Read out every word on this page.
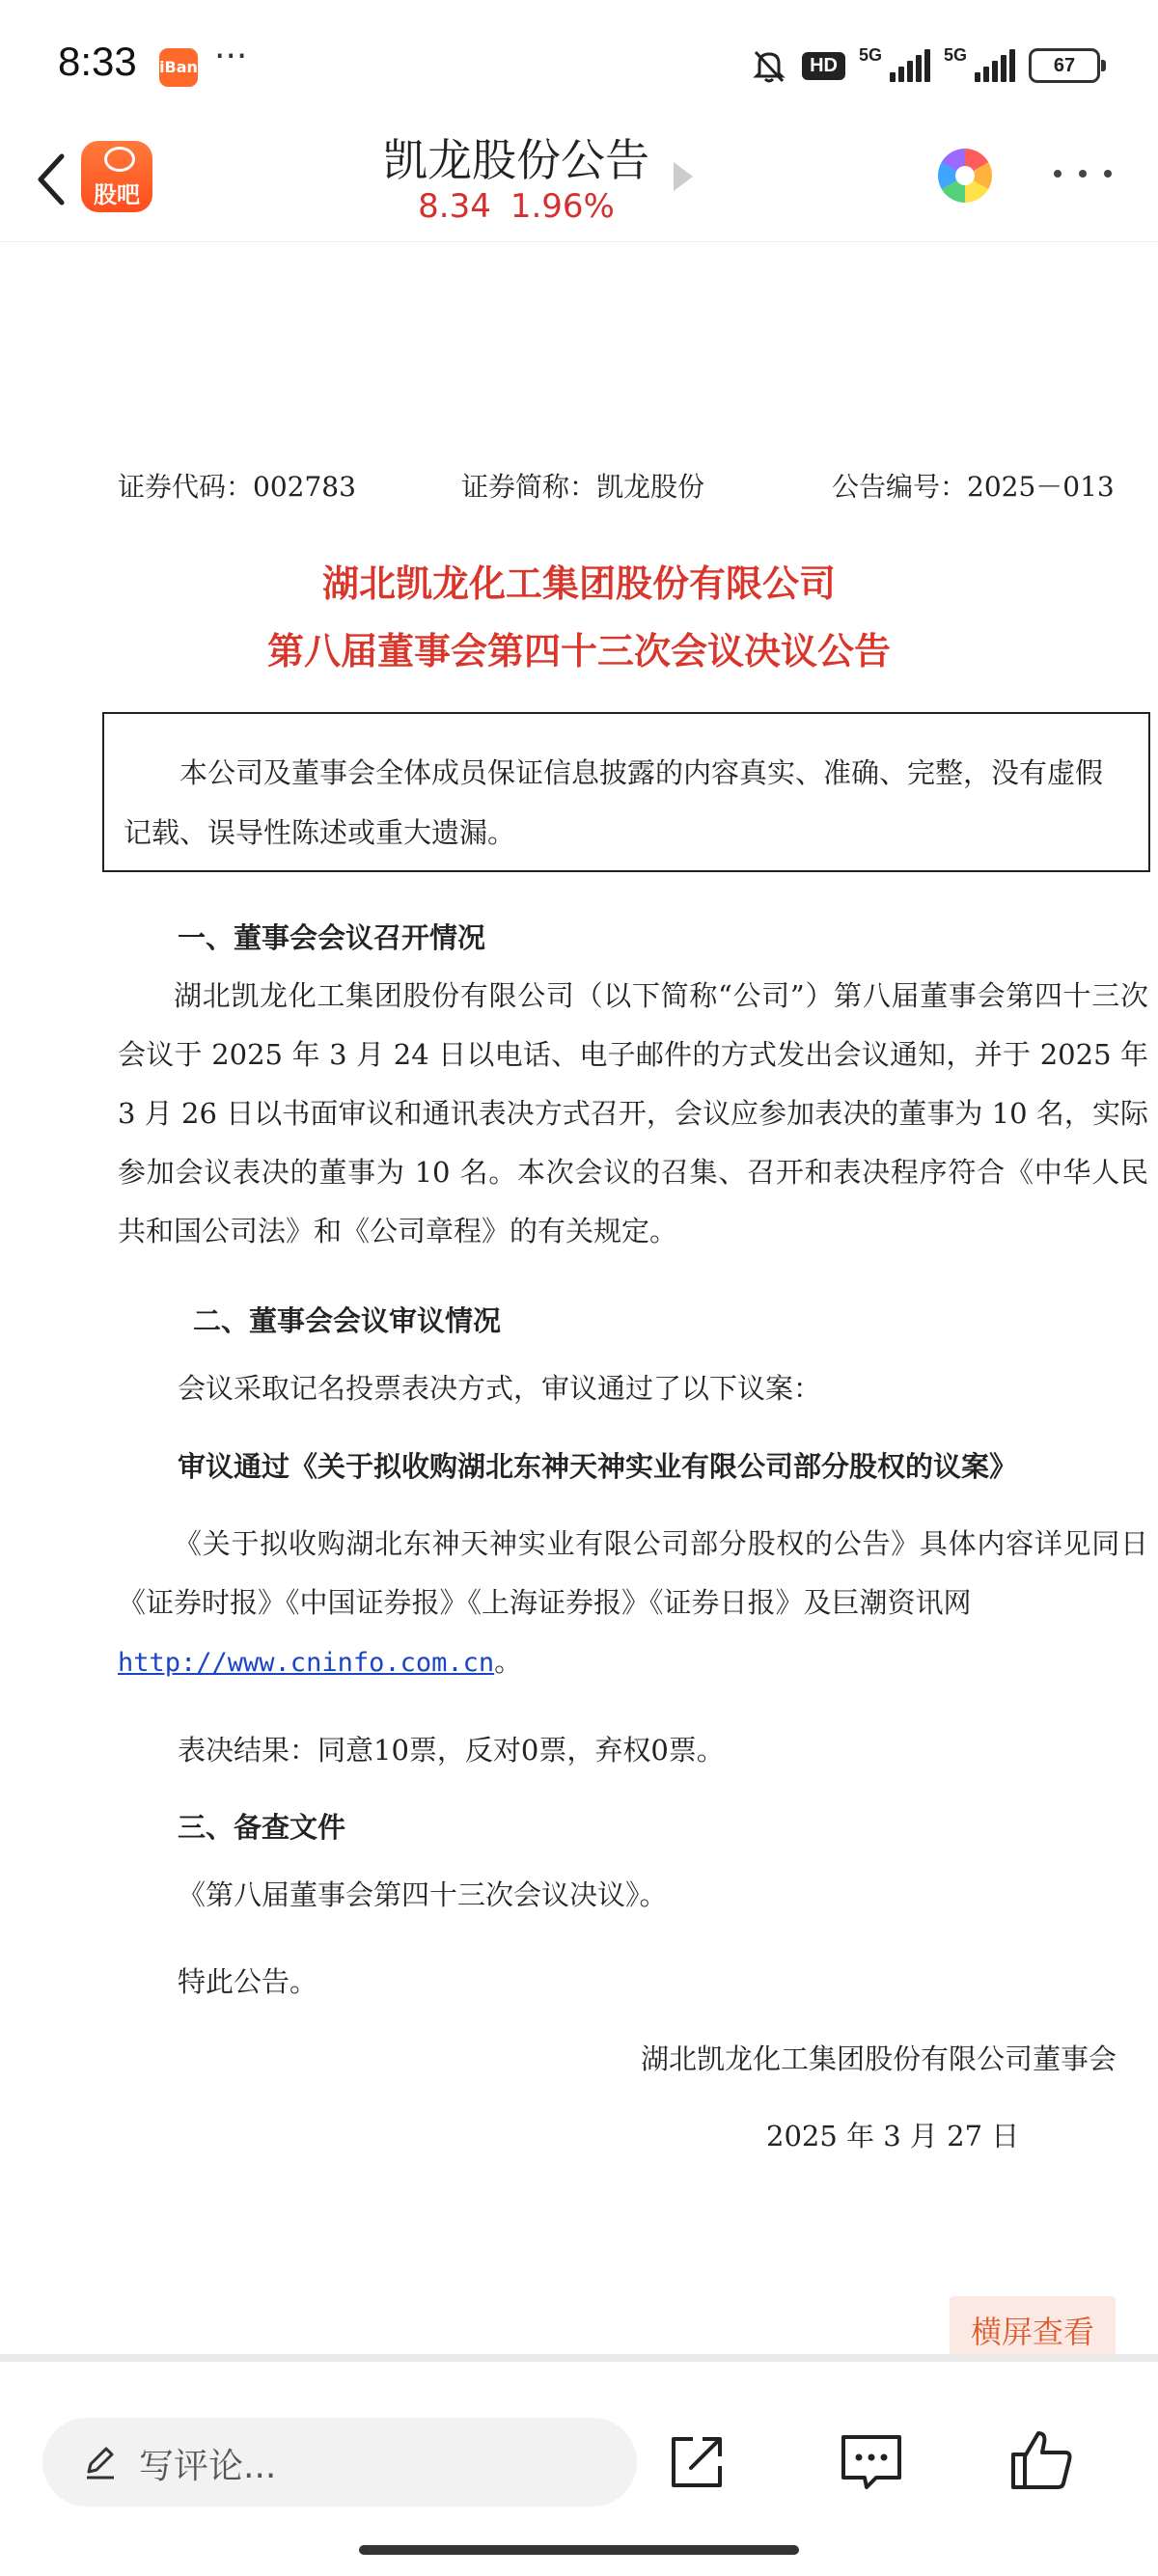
8:33 iBan ···	HD	5G	5G	67
股吧
凯龙股份公告
8.34 1.96%
证券代码：002783	证券简称：凯龙股份	公告编号：2025－013
湖北凯龙化工集团股份有限公司
第八届董事会第四十三次会议决议公告
本公司及董事会全体成员保证信息披露的内容真实、准确、完整，没有虚假记载、误导性陈述或重大遗漏。
一、董事会会议召开情况
湖北凯龙化工集团股份有限公司（以下简称“公司”）第八届董事会第四十三次会议于 2025 年 3 月 24 日以电话、电子邮件的方式发出会议通知，并于 2025 年 3 月 26 日以书面审议和通讯表决方式召开，会议应参加表决的董事为 10 名，实际参加会议表决的董事为 10 名。本次会议的召集、召开和表决程序符合《中华人民共和国公司法》和《公司章程》的有关规定。
二、董事会会议审议情况
会议采取记名投票表决方式，审议通过了以下议案：
审议通过《关于拟收购湖北东神天神实业有限公司部分股权的议案》
《关于拟收购湖北东神天神实业有限公司部分股权的公告》具体内容详见同日《证券时报》《中国证券报》《上海证券报》《证券日报》及巨潮资讯网
http://www.cninfo.com.cn。
表决结果：同意10票，反对0票，弃权0票。
三、备查文件
《第八届董事会第四十三次会议决议》。
特此公告。
湖北凯龙化工集团股份有限公司董事会
2025 年 3 月 27 日
横屏查看
写评论...
